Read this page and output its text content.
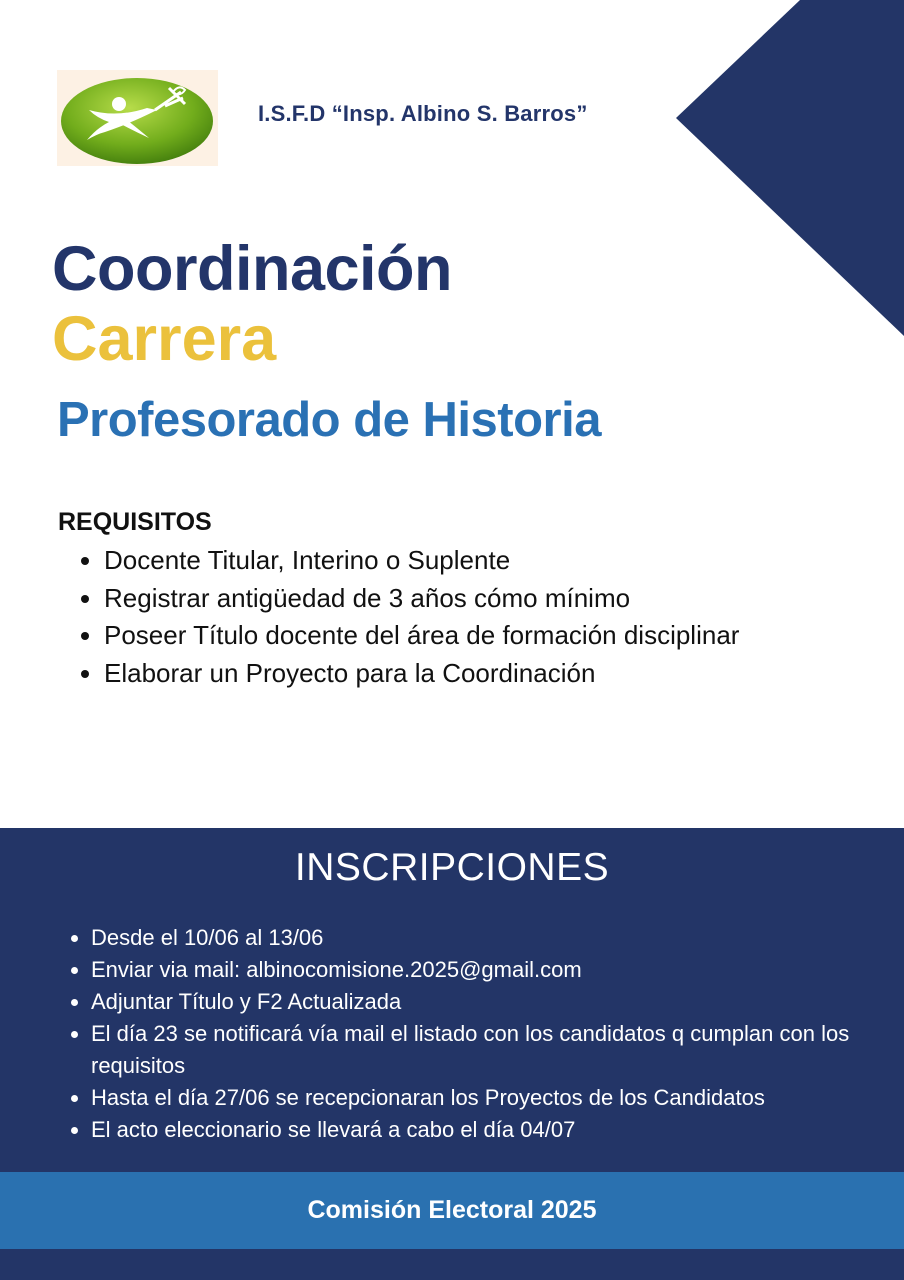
I.S.F.D “Insp. Albino S. Barros”
Coordinación
Carrera
Profesorado de Historia
REQUISITOS
• Docente Titular, Interino o Suplente
• Registrar antigüedad de 3 años cómo mínimo
• Poseer Título docente del área de formación disciplinar
• Elaborar un Proyecto para la Coordinación
INSCRIPCIONES
• Desde el 10/06 al 13/06
• Enviar via mail: albinocomisione.2025@gmail.com
• Adjuntar Título y F2 Actualizada
• El día 23 se notificará vía mail el listado con los candidatos q cumplan con los requisitos
• Hasta el día 27/06 se recepcionaran los Proyectos de los Candidatos
• El acto eleccionario se llevará a cabo el día 04/07
Comisión Electoral 2025
